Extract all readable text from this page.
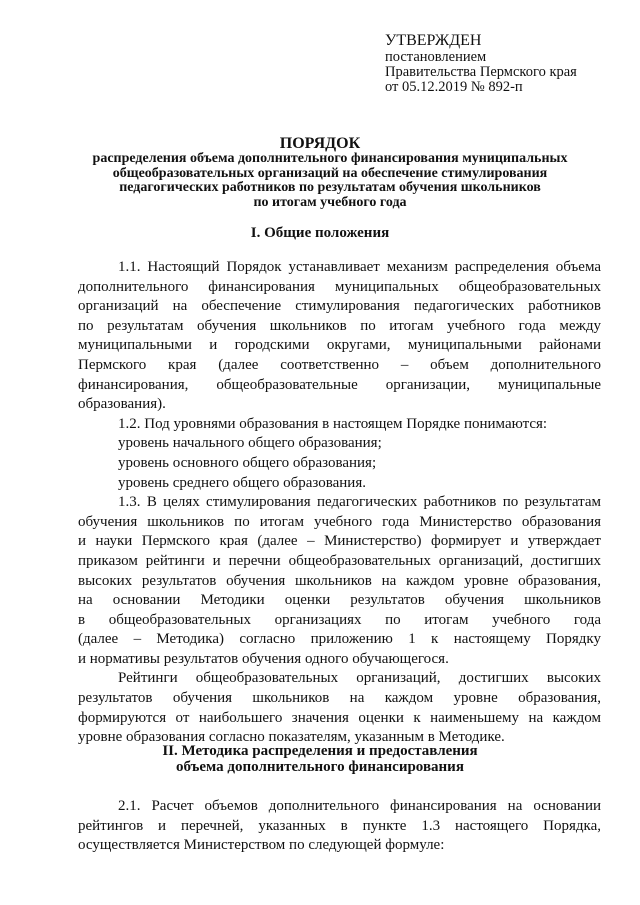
УТВЕРЖДЕН
постановлением
Правительства Пермского края
от 05.12.2019 № 892-п
ПОРЯДОК
распределения объема дополнительного финансирования муниципальных
общеобразовательных организаций на обеспечение стимулирования
педагогических работников по результатам обучения школьников
по итогам учебного года
I. Общие положения

1.1. Настоящий Порядок устанавливает механизм распределения объема

дополнительного финансирования муниципальных общеобразовательных

организаций на обеспечение стимулирования педагогических работников

по результатам обучения школьников по итогам учебного года между

муниципальными и городскими округами, муниципальными районами

Пермского края (далее соответственно – объем дополнительного

финансирования, общеобразовательные организации, муниципальные

образования).

1.2. Под уровнями образования в настоящем Порядке понимаются:

уровень начального общего образования;

уровень основного общего образования;

уровень среднего общего образования.

1.3. В целях стимулирования педагогических работников по результатам

обучения школьников по итогам учебного года Министерство образования

и науки Пермского края (далее – Министерство) формирует и утверждает

приказом рейтинги и перечни общеобразовательных организаций, достигших

высоких результатов обучения школьников на каждом уровне образования,

на основании Методики оценки результатов обучения школьников

в общеобразовательных организациях по итогам учебного года

(далее – Методика) согласно приложению 1 к настоящему Порядку

и нормативы результатов обучения одного обучающегося.

Рейтинги общеобразовательных организаций, достигших высоких

результатов обучения школьников на каждом уровне образования,

формируются от наибольшего значения оценки к наименьшему на каждом

уровне образования согласно показателям, указанным в Методике.

II. Методика распределения и предоставления
объема дополнительного финансирования

2.1. Расчет объемов дополнительного финансирования на основании

рейтингов и перечней, указанных в пункте 1.3 настоящего Порядка,

осуществляется Министерством по следующей формуле:
